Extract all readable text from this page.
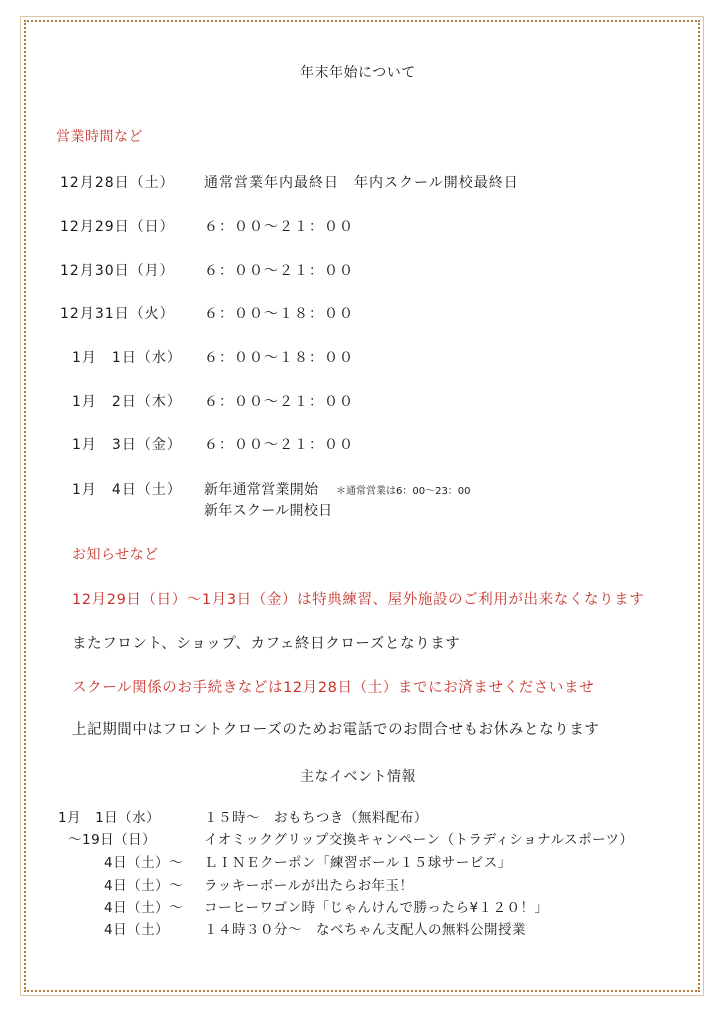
年末年始について
営業時間など
12月28日（土） 通常営業年内最終日　年内スクール開校最終日
12月29日（日） ６：００～２１：００
12月30日（月） ６：００～２１：００
12月31日（火） ６：００～１８：００
1月　1日（水） ６：００～１８：００
1月　2日（木） ６：００～２１：００
1月　3日（金） ６：００～２１：００
1月　4日（土） 新年通常営業開始 ＊通常営業は6：00～23：00
新年スクール開校日
お知らせなど
12月29日（日）～1月3日（金）は特典練習、屋外施設のご利用が出来なくなります
またフロント、ショップ、カフェ終日クローズとなります
スクール関係のお手続きなどは12月28日（土）までにお済ませくださいませ
上記期間中はフロントクローズのためお電話でのお問合せもお休みとなります
主なイベント情報
1月　1日（水）	１５時～　おもちつき（無料配布）
～19日（日）	イオミックグリップ交換キャンペーン（トラディショナルスポーツ）
4日（土）～ ＬＩＮＥクーポン「練習ボール１５球サービス」
4日（土）～ ラッキーボールが出たらお年玉！
4日（土）～ コーヒーワゴン時「じゃんけんで勝ったら¥１２０！」
4日（土）	１４時３０分～　なべちゃん支配人の無料公開授業
